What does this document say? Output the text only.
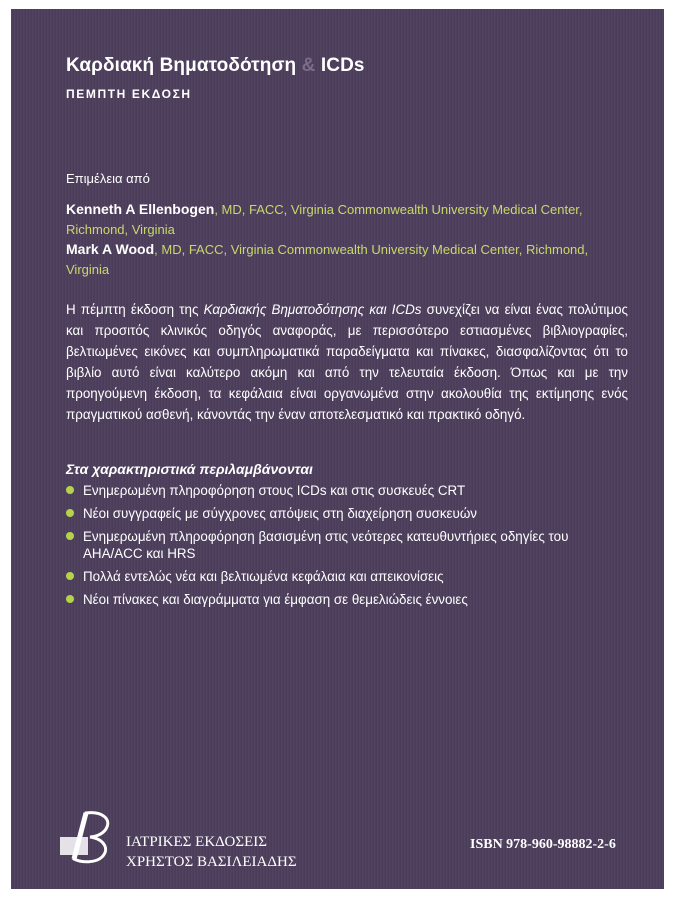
Καρδιακή Βηματοδότηση & ICDs

ΠΕΜΠΤΗ ΕΚΔΟΣΗ

Επιμέλεια από

Kenneth A Ellenbogen, MD, FACC, Virginia Commonwealth University Medical Center, Richmond, Virginia

Mark A Wood, MD, FACC, Virginia Commonwealth University Medical Center, Richmond, Virginia

Η πέμπτη έκδοση της Καρδιακής Βηματοδότησης και ICDs συνεχίζει να είναι ένας πολύτιμος και προσιτός κλινικός οδηγός αναφοράς, με περισσότερο εστιασμένες βιβλιογραφίες, βελτιωμένες εικόνες και συμπληρωματικά παραδείγματα και πίνακες, διασφαλίζοντας ότι το βιβλίο αυτό είναι καλύτερο ακόμη και από την τελευταία έκδοση. Όπως και με την προηγούμενη έκδοση, τα κεφάλαια είναι οργανωμένα στην ακολουθία της εκτίμησης ενός πραγματικού ασθενή, κάνοντάς την έναν αποτελεσματικό και πρακτικό οδηγό.

Στα χαρακτηριστικά περιλαμβάνονται
Ενημερωμένη πληροφόρηση στους ICDs και στις συσκευές CRT
Νέοι συγγραφείς με σύγχρονες απόψεις στη διαχείρηση συσκευών
Ενημερωμένη πληροφόρηση βασισμένη στις νεότερες κατευθυντήριες οδηγίες του AHA/ACC και HRS
Πολλά εντελώς νέα και βελτιωμένα κεφάλαια και απεικονίσεις
Νέοι πίνακες και διαγράμματα για έμφαση σε θεμελιώδεις έννοιες
ΙΑΤΡΙΚΕΣ ΕΚΔΟΣΕΙΣ
ΧΡΗΣΤΟΣ ΒΑΣΙΛΕΙΑΔΗΣ
ISBN 978-960-98882-2-6
